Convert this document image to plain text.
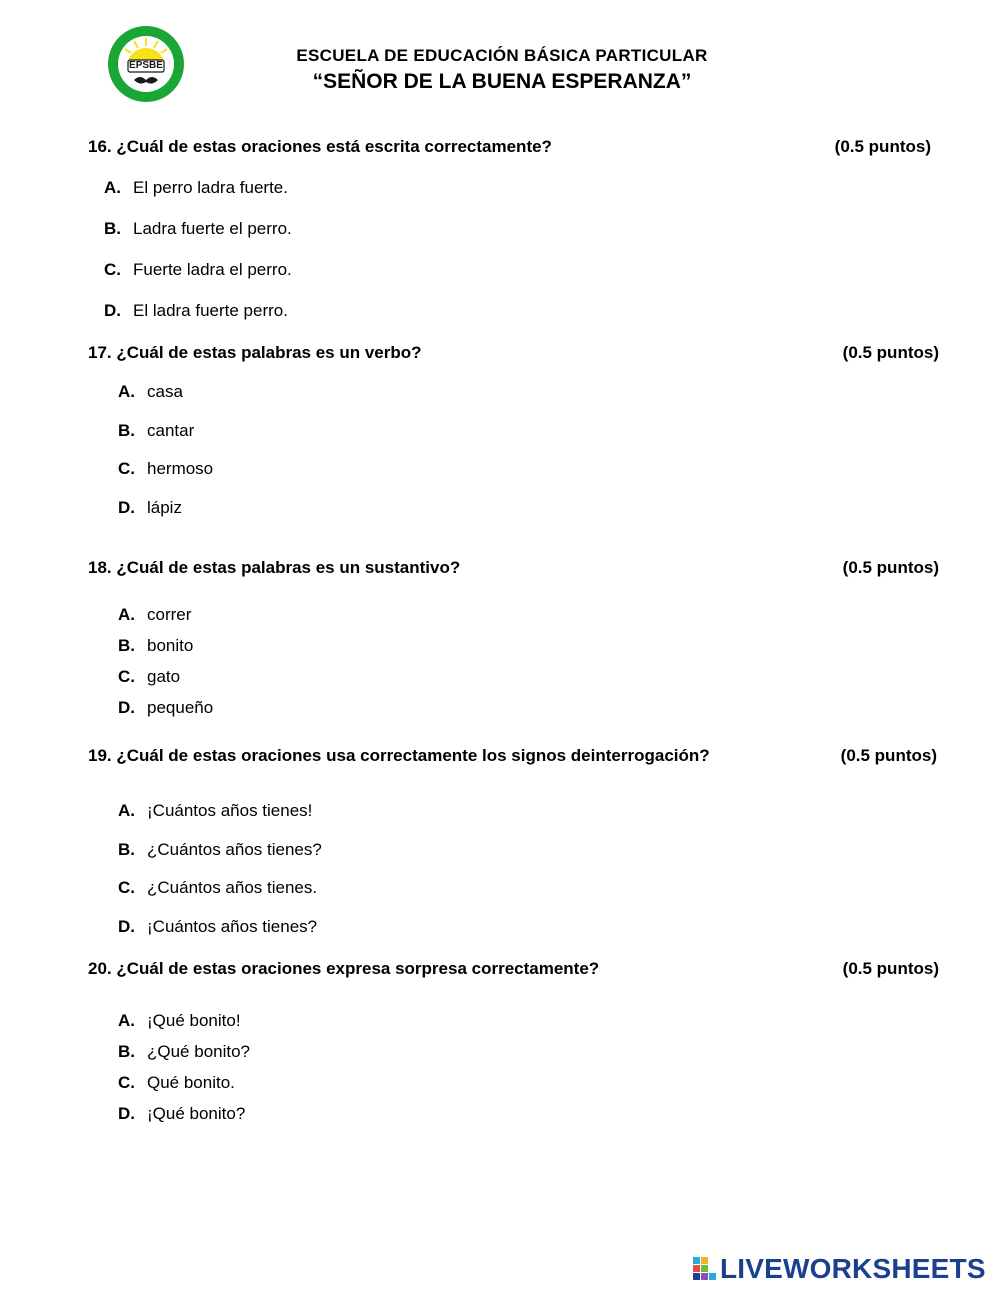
EPSBE
ESCUELA DE EDUCACIÓN BÁSICA PARTICULAR
“SEÑOR DE LA BUENA ESPERANZA”
16. ¿Cuál de estas oraciones está escrita correctamente?	(0.5 puntos)
A. El perro ladra fuerte.
B. Ladra fuerte el perro.
C. Fuerte ladra el perro.
D. El ladra fuerte perro.
17. ¿Cuál de estas palabras es un verbo?	(0.5 puntos)
A. casa
B. cantar
C. hermoso
D. lápiz
18. ¿Cuál de estas palabras es un sustantivo?	(0.5 puntos)
A. correr
B. bonito
C. gato
D. pequeño
19. ¿Cuál de estas oraciones usa correctamente los signos deinterrogación?	(0.5 puntos)
A. ¡Cuántos años tienes!
B. ¿Cuántos años tienes?
C. ¿Cuántos años tienes.
D. ¡Cuántos años tienes?
20. ¿Cuál de estas oraciones expresa sorpresa correctamente?	(0.5 puntos)
A. ¡Qué bonito!
B. ¿Qué bonito?
C. Qué bonito.
D. ¡Qué bonito?
LIVEWORKSHEETS
